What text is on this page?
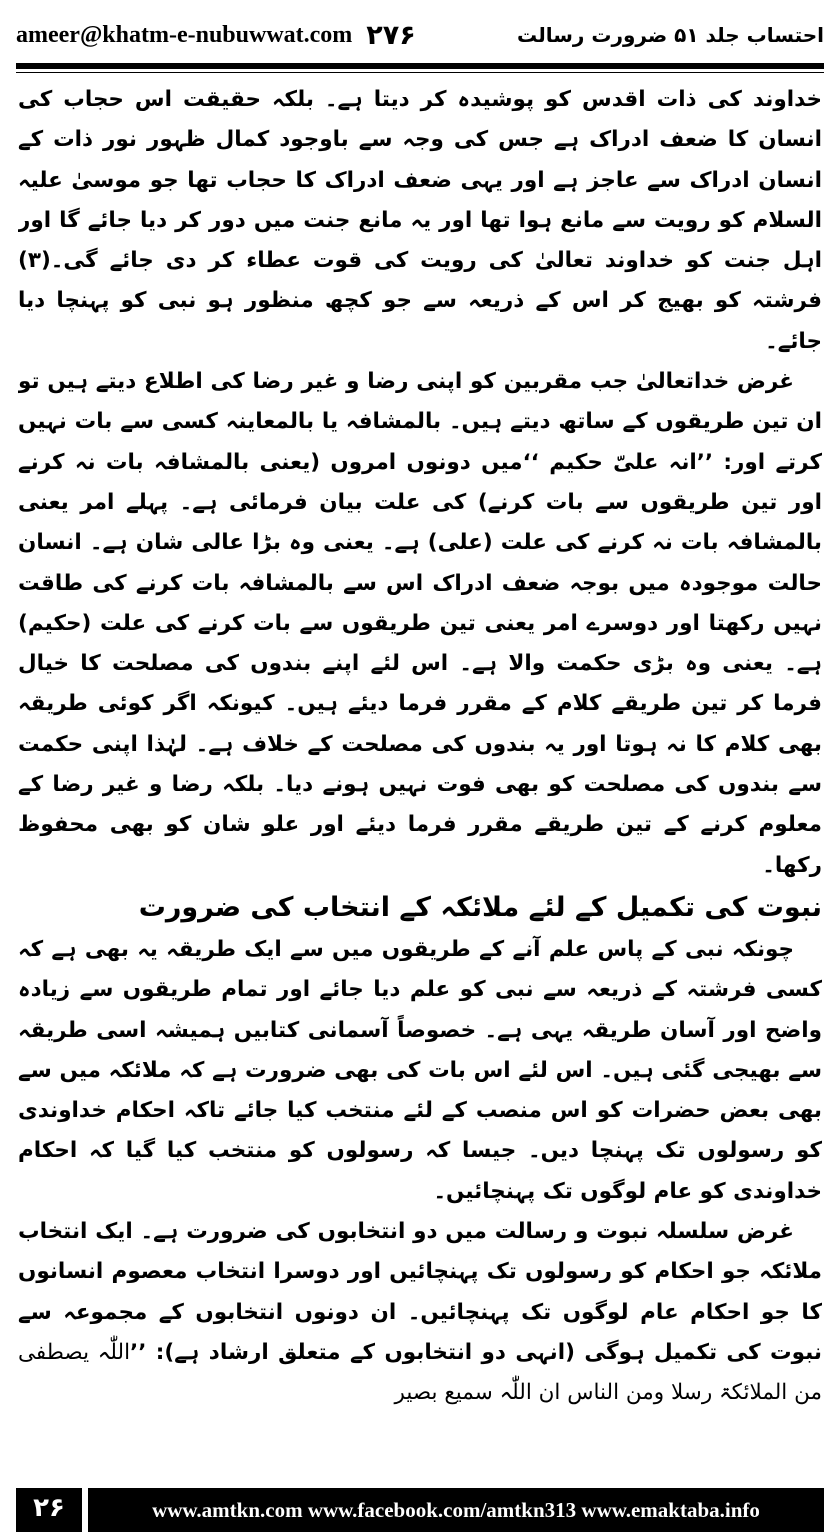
ameer@khatm-e-nubuwwat.com ۲۷۶	احتساب جلد ۵۱ ضرورت رسالت

خداوند کی ذات اقدس کو پوشیدہ کر دیتا ہے۔ بلکہ حقیقت اس حجاب کی انسان کا ضعف ادراک ہے جس کی وجہ سے باوجود کمال ظہور نور ذات کے انسان ادراک سے عاجز ہے اور یہی ضعف ادراک کا حجاب تھا جو موسیٰ علیہ السلام کو رویت سے مانع ہوا تھا اور یہ مانع جنت میں دور کر دیا جائے گا اور اہل جنت کو خداوند تعالیٰ کی رویت کی قوت عطاء کر دی جائے گی۔(۳) فرشتہ کو بھیج کر اس کے ذریعہ سے جو کچھ منظور ہو نبی کو پہنچا دیا جائے۔

غرض خداتعالیٰ جب مقربین کو اپنی رضا و غیر رضا کی اطلاع دیتے ہیں تو ان تین طریقوں کے ساتھ دیتے ہیں۔ بالمشافہ یا بالمعاینہ کسی سے بات نہیں کرتے اور: ’’انہ علیّ حکیم ‘‘میں دونوں امروں (یعنی بالمشافہ بات نہ کرنے اور تین طریقوں سے بات کرنے) کی علت بیان فرمائی ہے۔ پہلے امر یعنی بالمشافہ بات نہ کرنے کی علت (علی) ہے۔ یعنی وہ بڑا عالی شان ہے۔ انسان حالت موجودہ میں بوجہ ضعف ادراک اس سے بالمشافہ بات کرنے کی طاقت نہیں رکھتا اور دوسرے امر یعنی تین طریقوں سے بات کرنے کی علت (حکیم) ہے۔ یعنی وہ بڑی حکمت والا ہے۔ اس لئے اپنے بندوں کی مصلحت کا خیال فرما کر تین طریقے کلام کے مقرر فرما دیئے ہیں۔ کیونکہ اگر کوئی طریقہ بھی کلام کا نہ ہوتا اور یہ بندوں کی مصلحت کے خلاف ہے۔ لہٰذا اپنی حکمت سے بندوں کی مصلحت کو بھی فوت نہیں ہونے دیا۔ بلکہ رضا و غیر رضا کے معلوم کرنے کے تین طریقے مقرر فرما دیئے اور علو شان کو بھی محفوظ رکھا۔

نبوت کی تکمیل کے لئے ملائکہ کے انتخاب کی ضرورت

چونکہ نبی کے پاس علم آنے کے طریقوں میں سے ایک طریقہ یہ بھی ہے کہ کسی فرشتہ کے ذریعہ سے نبی کو علم دیا جائے اور تمام طریقوں سے زیادہ واضح اور آسان طریقہ یہی ہے۔ خصوصاً آسمانی کتابیں ہمیشہ اسی طریقہ سے بھیجی گئی ہیں۔ اس لئے اس بات کی بھی ضرورت ہے کہ ملائکہ میں سے بھی بعض حضرات کو اس منصب کے لئے منتخب کیا جائے تاکہ احکام خداوندی کو رسولوں تک پہنچا دیں۔ جیسا کہ رسولوں کو منتخب کیا گیا کہ احکام خداوندی کو عام لوگوں تک پہنچائیں۔

غرض سلسلہ نبوت و رسالت میں دو انتخابوں کی ضرورت ہے۔ ایک انتخاب ملائکہ جو احکام کو رسولوں تک پہنچائیں اور دوسرا انتخاب معصوم انسانوں کا جو احکام عام لوگوں تک پہنچائیں۔ ان دونوں انتخابوں کے مجموعہ سے نبوت کی تکمیل ہوگی (انہی دو انتخابوں کے متعلق ارشاد ہے): ’’اللّٰہ یصطفی من الملائکۃ رسلا ومن الناس ان اللّٰہ سمیع بصیر

۲۶	www.amtkn.com www.facebook.com/amtkn313 www.emaktaba.info
